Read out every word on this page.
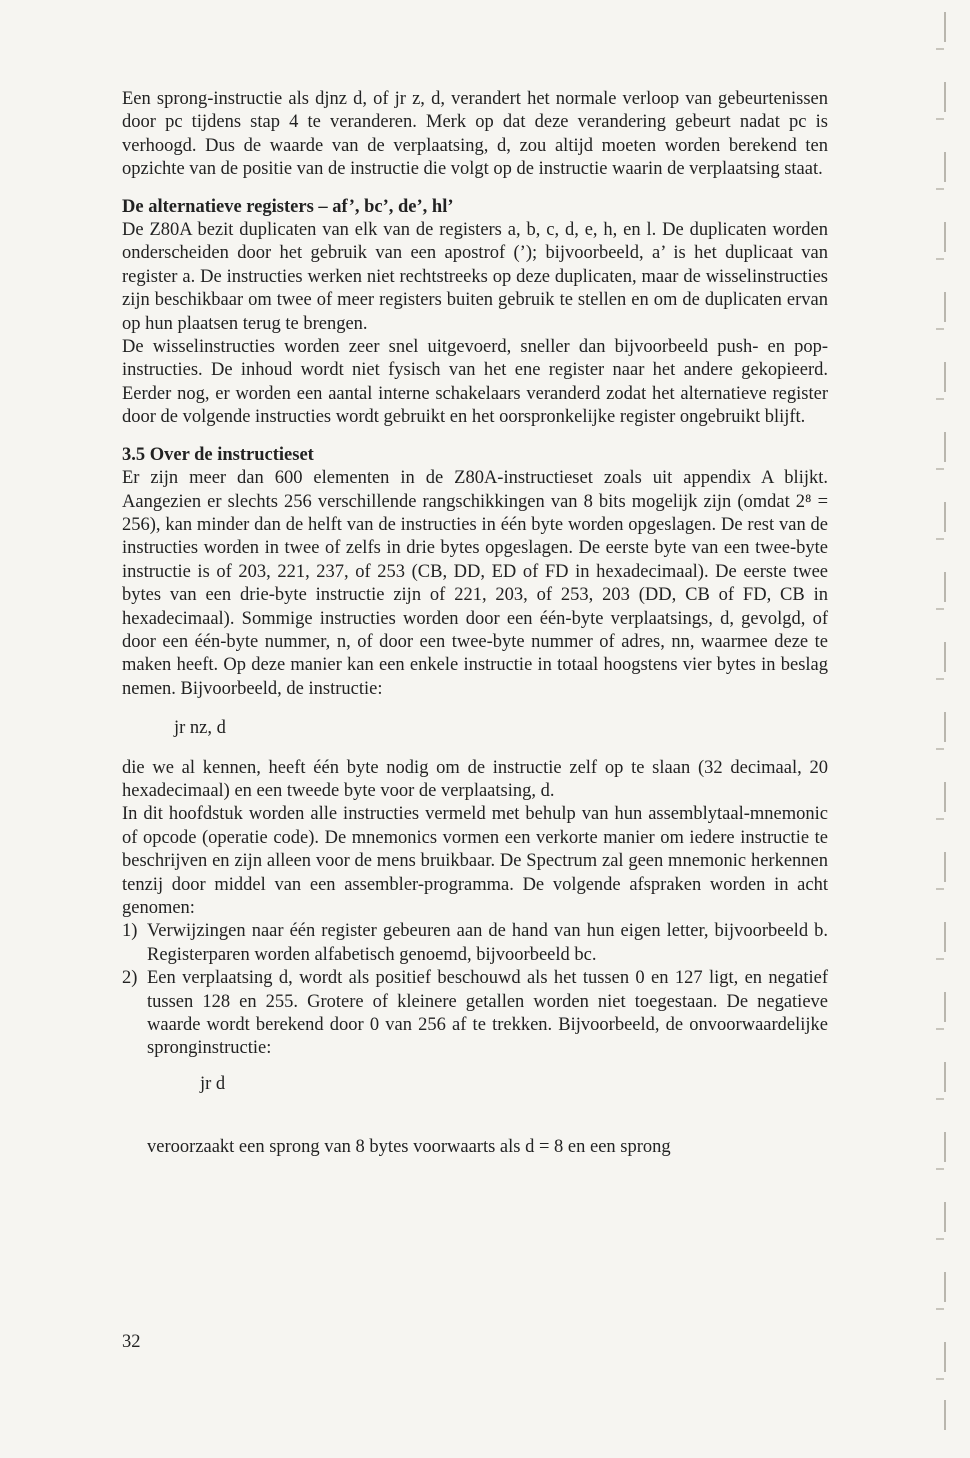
Een sprong-instructie als djnz d, of jr z, d, verandert het normale verloop van gebeurtenissen door pc tijdens stap 4 te veranderen. Merk op dat deze verandering gebeurt nadat pc is verhoogd. Dus de waarde van de verplaatsing, d, zou altijd moeten worden berekend ten opzichte van de positie van de instructie die volgt op de instructie waarin de verplaatsing staat.

De alternatieve registers – af’, bc’, de’, hl’

De Z80A bezit duplicaten van elk van de registers a, b, c, d, e, h, en l. De duplicaten worden onderscheiden door het gebruik van een apostrof (’); bijvoorbeeld, a’ is het duplicaat van register a. De instructies werken niet rechtstreeks op deze duplicaten, maar de wisselinstructies zijn beschikbaar om twee of meer registers buiten gebruik te stellen en om de duplicaten ervan op hun plaatsen terug te brengen.

De wisselinstructies worden zeer snel uitgevoerd, sneller dan bijvoorbeeld push- en pop-instructies. De inhoud wordt niet fysisch van het ene register naar het andere gekopieerd. Eerder nog, er worden een aantal interne schakelaars veranderd zodat het alternatieve register door de volgende instructies wordt gebruikt en het oorspronkelijke register ongebruikt blijft.

3.5 Over de instructieset

Er zijn meer dan 600 elementen in de Z80A-instructieset zoals uit appendix A blijkt. Aangezien er slechts 256 verschillende rangschikkingen van 8 bits mogelijk zijn (omdat 2⁸ = 256), kan minder dan de helft van de instructies in één byte worden opgeslagen. De rest van de instructies worden in twee of zelfs in drie bytes opgeslagen. De eerste byte van een twee-byte instructie is of 203, 221, 237, of 253 (CB, DD, ED of FD in hexadecimaal). De eerste twee bytes van een drie-byte instructie zijn of 221, 203, of 253, 203 (DD, CB of FD, CB in hexadecimaal). Sommige instructies worden door een één-byte verplaatsings, d, gevolgd, of door een één-byte nummer, n, of door een twee-byte nummer of adres, nn, waarmee deze te maken heeft. Op deze manier kan een enkele instructie in totaal hoogstens vier bytes in beslag nemen. Bijvoorbeeld, de instructie:

jr nz, d

die we al kennen, heeft één byte nodig om de instructie zelf op te slaan (32 decimaal, 20 hexadecimaal) en een tweede byte voor de verplaatsing, d.

In dit hoofdstuk worden alle instructies vermeld met behulp van hun assemblytaal-mnemonic of opcode (operatie code). De mnemonics vormen een verkorte manier om iedere instructie te beschrijven en zijn alleen voor de mens bruikbaar. De Spectrum zal geen mnemonic herkennen tenzij door middel van een assembler-programma. De volgende afspraken worden in acht genomen:

1) Verwijzingen naar één register gebeuren aan de hand van hun eigen letter, bijvoorbeeld b. Registerparen worden alfabetisch genoemd, bijvoorbeeld bc.
2) Een verplaatsing d, wordt als positief beschouwd als het tussen 0 en 127 ligt, en negatief tussen 128 en 255. Grotere of kleinere getallen worden niet toegestaan. De negatieve waarde wordt berekend door 0 van 256 af te trekken. Bijvoorbeeld, de onvoorwaardelijke spronginstructie:

jr d

veroorzaakt een sprong van 8 bytes voorwaarts als d = 8 en een sprong

32
